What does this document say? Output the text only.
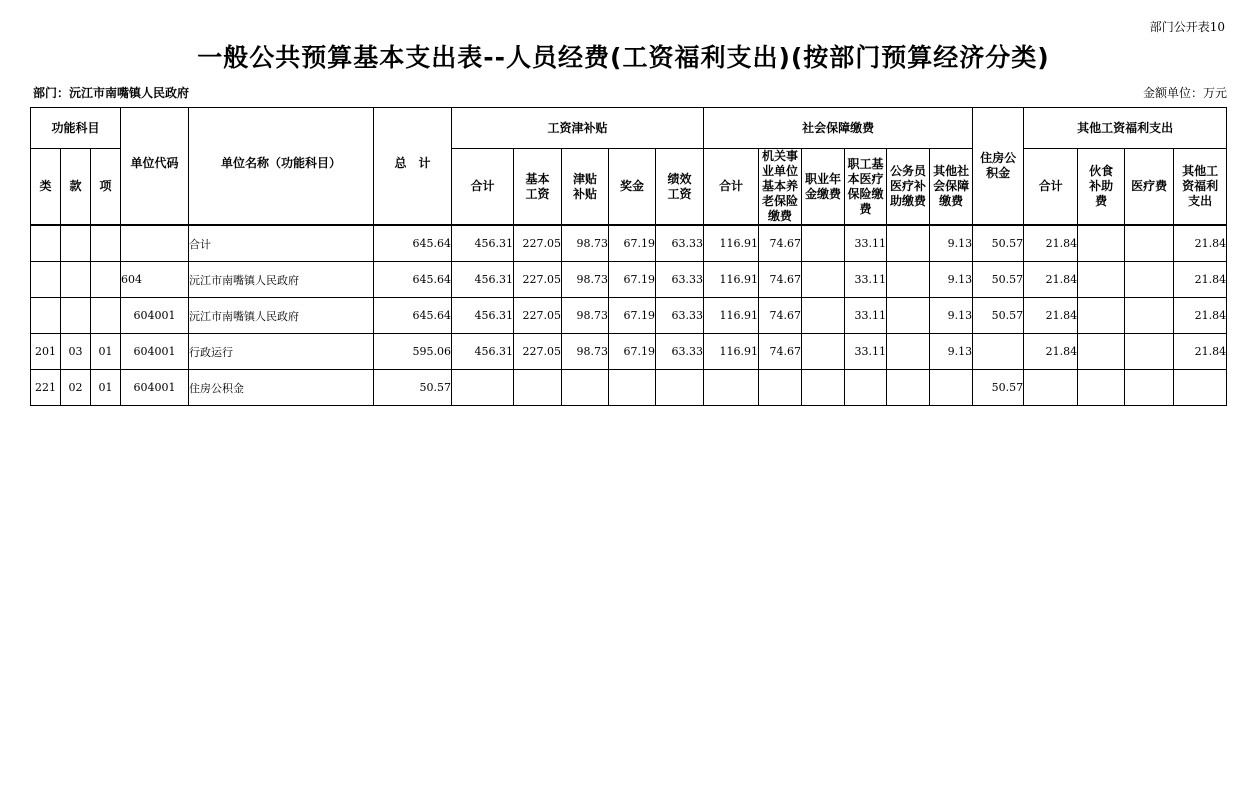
部门公开表10
一般公共预算基本支出表--人员经费(工资福利支出)(按部门预算经济分类)
部门：沅江市南嘴镇人民政府	金额单位：万元
功能科目			单位代码	单位名称（功能科目）	总　计	工资津补贴					社会保障缴费						住房公积金	其他工资福利支出			
类	款	项				合计	基本工资	津贴补贴	奖金	绩效工资	合计	机关事业单位基本养老保险缴费	职业年金缴费	职工基本医疗保险缴费	公务员医疗补助缴费	其他社会保障缴费		合计	伙食补助费	医疗费	其他工资福利支出
				合计	645.64	456.31	227.05	98.73	67.19	63.33	116.91	74.67		33.11		9.13	50.57	21.84			21.84
			604	沅江市南嘴镇人民政府	645.64	456.31	227.05	98.73	67.19	63.33	116.91	74.67		33.11		9.13	50.57	21.84			21.84
			604001	沅江市南嘴镇人民政府	645.64	456.31	227.05	98.73	67.19	63.33	116.91	74.67		33.11		9.13	50.57	21.84			21.84
201	03	01	604001	行政运行	595.06	456.31	227.05	98.73	67.19	63.33	116.91	74.67		33.11		9.13		21.84			21.84
221	02	01	604001	住房公积金	50.57												50.57				
